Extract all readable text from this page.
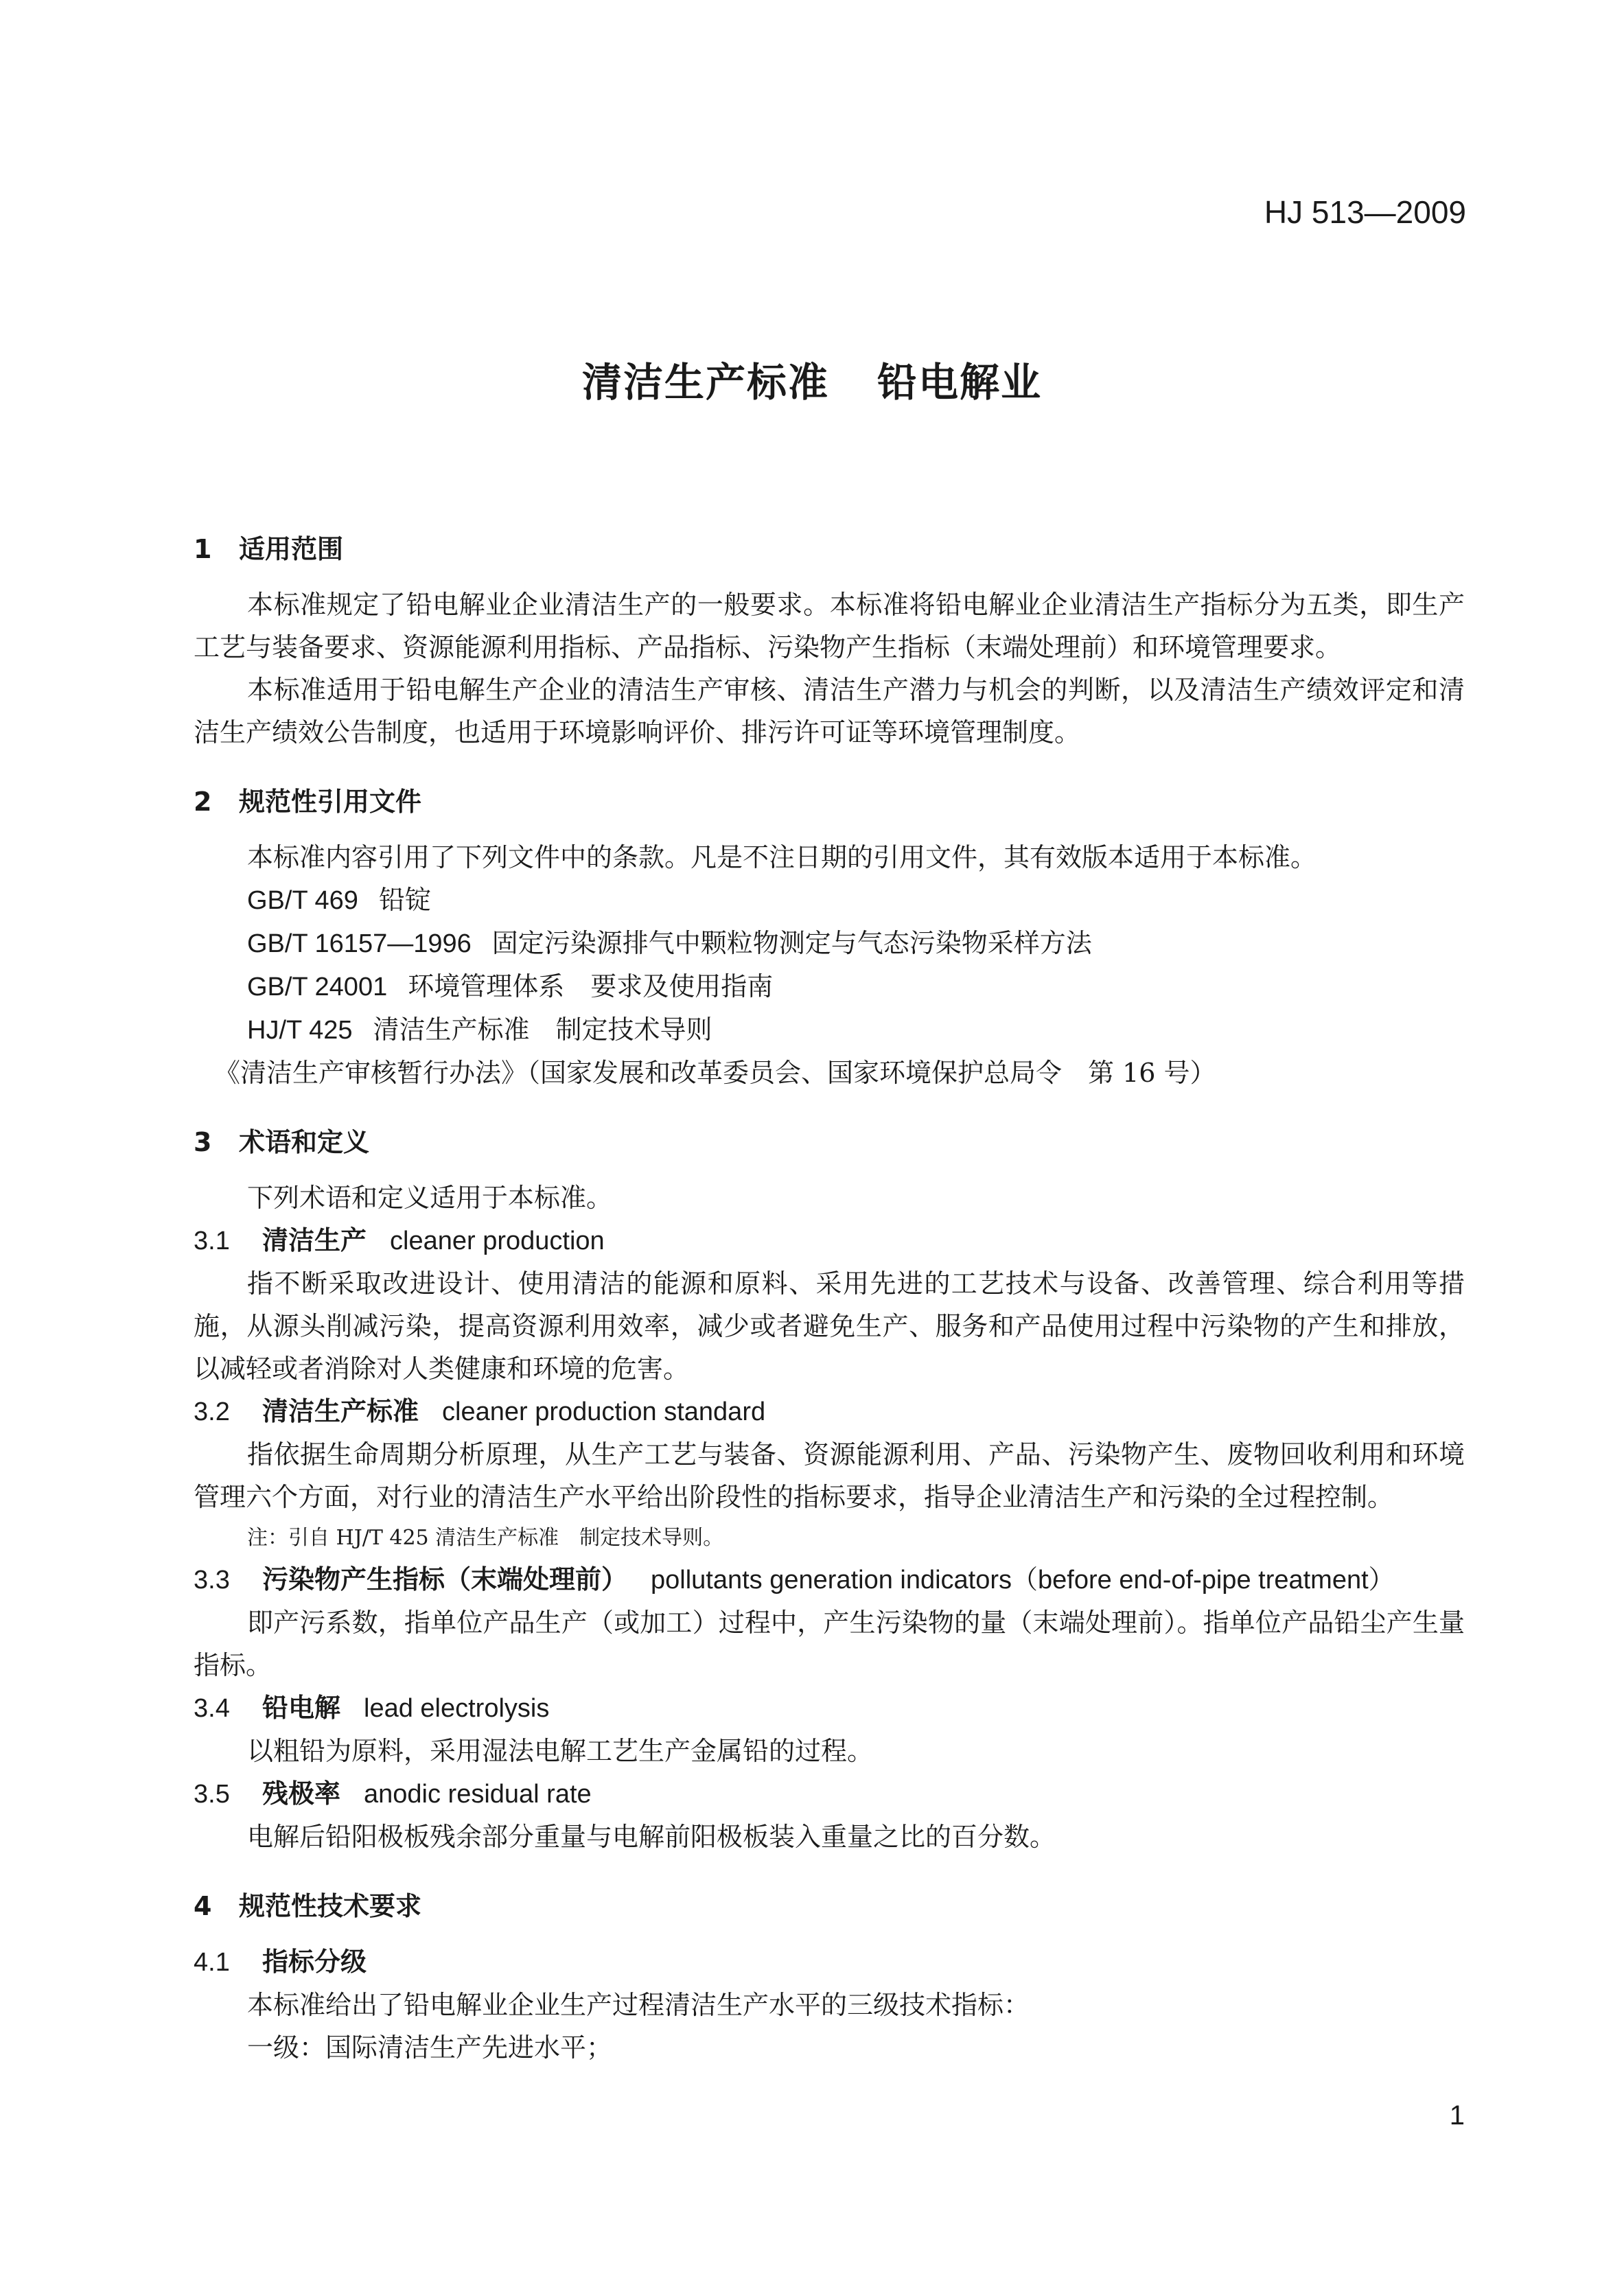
HJ 513—2009
清洁生产标准 铅电解业
1 适用范围
本标准规定了铅电解业企业清洁生产的一般要求。本标准将铅电解业企业清洁生产指标分为五类，即生产工艺与装备要求、资源能源利用指标、产品指标、污染物产生指标（末端处理前）和环境管理要求。
本标准适用于铅电解生产企业的清洁生产审核、清洁生产潜力与机会的判断，以及清洁生产绩效评定和清洁生产绩效公告制度，也适用于环境影响评价、排污许可证等环境管理制度。
2 规范性引用文件
本标准内容引用了下列文件中的条款。凡是不注日期的引用文件，其有效版本适用于本标准。
GB/T 469 铅锭
GB/T 16157—1996 固定污染源排气中颗粒物测定与气态污染物采样方法
GB/T 24001 环境管理体系　要求及使用指南
HJ/T 425 清洁生产标准　制定技术导则
《清洁生产审核暂行办法》（国家发展和改革委员会、国家环境保护总局令　第 16 号）
3 术语和定义
下列术语和定义适用于本标准。
3.1 清洁生产 cleaner production
指不断采取改进设计、使用清洁的能源和原料、采用先进的工艺技术与设备、改善管理、综合利用等措施，从源头削减污染，提高资源利用效率，减少或者避免生产、服务和产品使用过程中污染物的产生和排放，以减轻或者消除对人类健康和环境的危害。
3.2 清洁生产标准 cleaner production standard
指依据生命周期分析原理，从生产工艺与装备、资源能源利用、产品、污染物产生、废物回收利用和环境管理六个方面，对行业的清洁生产水平给出阶段性的指标要求，指导企业清洁生产和污染的全过程控制。
注：引自 HJ/T 425 清洁生产标准　制定技术导则。
3.3 污染物产生指标（末端处理前） pollutants generation indicators（before end-of-pipe treatment）
即产污系数，指单位产品生产（或加工）过程中，产生污染物的量（末端处理前）。指单位产品铅尘产生量指标。
3.4 铅电解 lead electrolysis
以粗铅为原料，采用湿法电解工艺生产金属铅的过程。
3.5 残极率 anodic residual rate
电解后铅阳极板残余部分重量与电解前阳极板装入重量之比的百分数。
4 规范性技术要求
4.1 指标分级
本标准给出了铅电解业企业生产过程清洁生产水平的三级技术指标：
一级：国际清洁生产先进水平；
1
